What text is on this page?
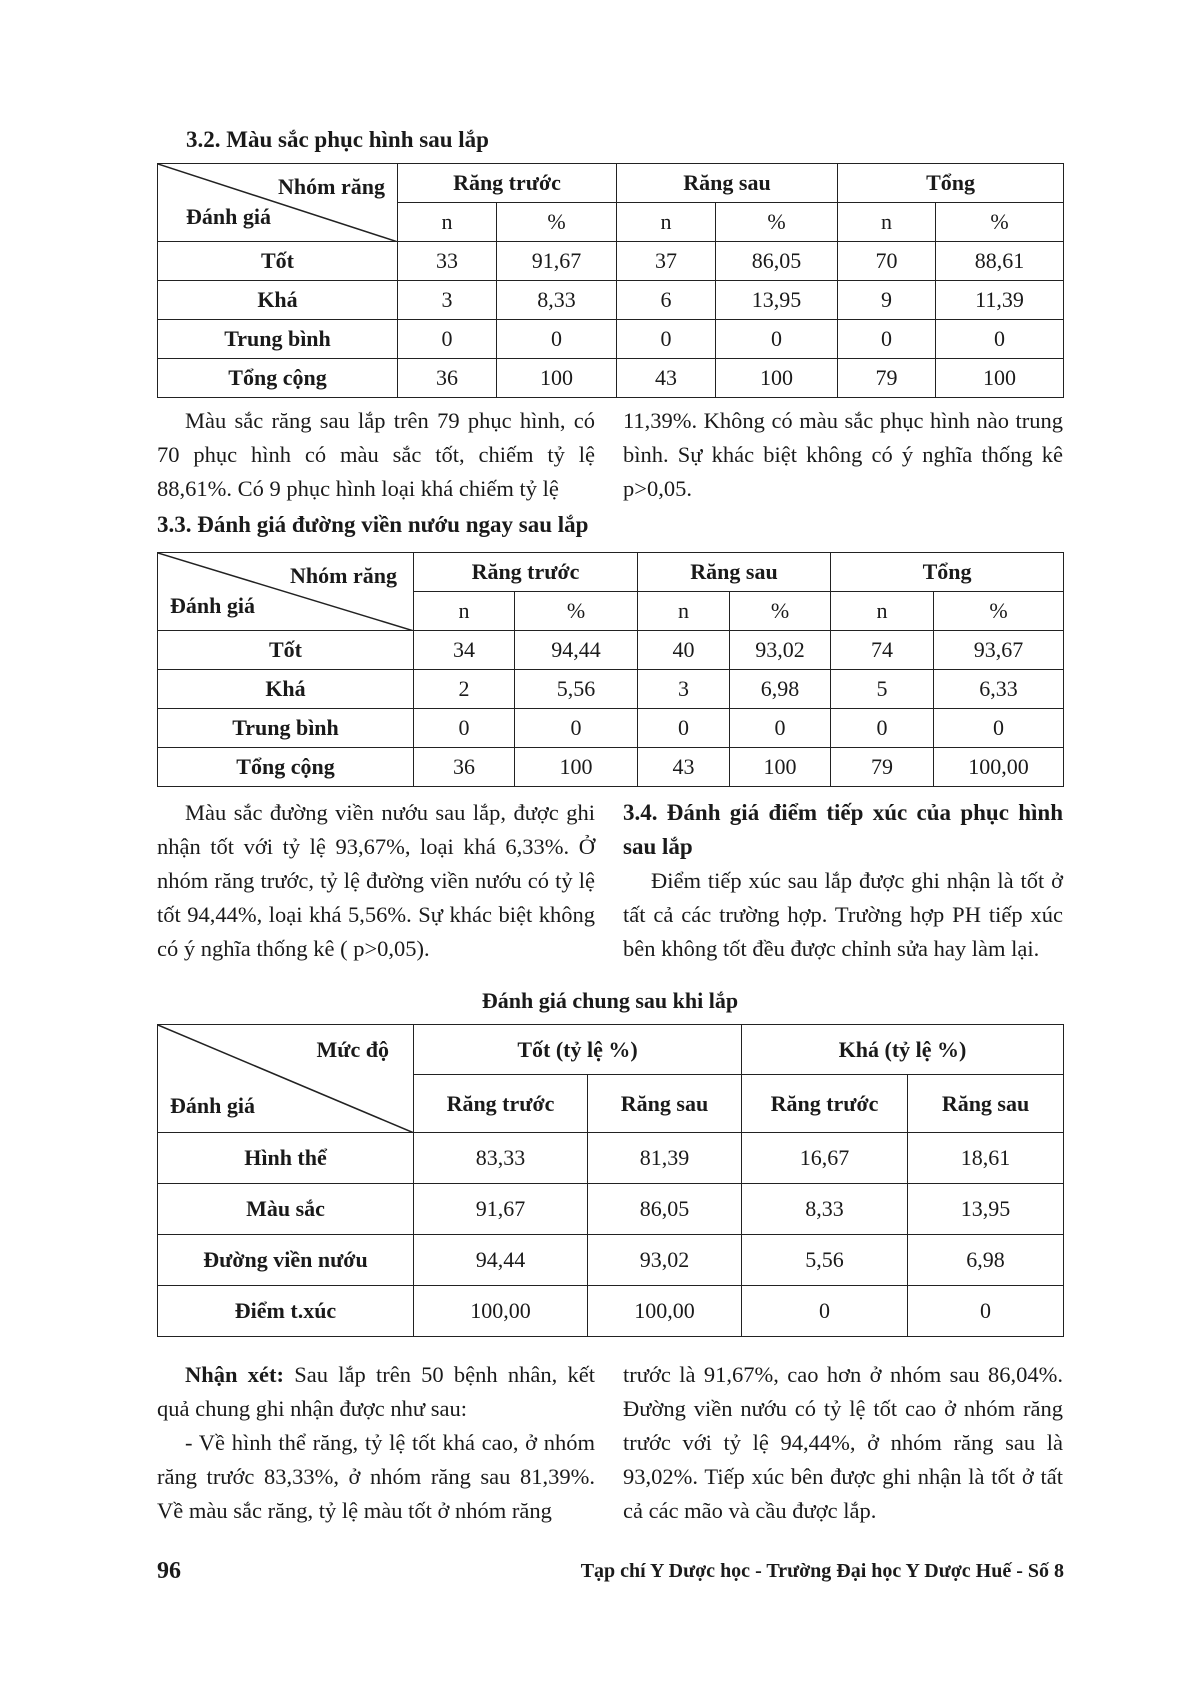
3.2. Màu sắc phục hình sau lắp
Nhóm răng
Đánh giá	Răng trước		Răng sau		Tổng	
	n	%	n	%	n	%
Tốt	33	91,67	37	86,05	70	88,61
Khá	3	8,33	6	13,95	9	11,39
Trung bình	0	0	0	0	0	0
Tổng cộng	36	100	43	100	79	100

Màu sắc răng sau lắp trên 79 phục hình, có 70 phục hình có màu sắc tốt, chiếm tỷ lệ 88,61%. Có 9 phục hình loại khá chiếm tỷ lệ

11,39%. Không có màu sắc phục hình nào trung bình. Sự khác biệt không có ý nghĩa thống kê p>0,05.

3.3. Đánh giá đường viền nướu ngay sau lắp
Nhóm răng
Đánh giá	Răng trước		Răng sau		Tổng	
	n	%	n	%	n	%
Tốt	34	94,44	40	93,02	74	93,67
Khá	2	5,56	3	6,98	5	6,33
Trung bình	0	0	0	0	0	0
Tổng cộng	36	100	43	100	79	100,00

Màu sắc đường viền nướu sau lắp, được ghi nhận tốt với tỷ lệ 93,67%, loại khá 6,33%. Ở nhóm răng trước, tỷ lệ đường viền nướu có tỷ lệ tốt 94,44%, loại khá 5,56%. Sự khác biệt không có ý nghĩa thống kê ( p>0,05).

3.4. Đánh giá điểm tiếp xúc của phục hình sau lắp

Điểm tiếp xúc sau lắp được ghi nhận là tốt ở tất cả các trường hợp. Trường hợp PH tiếp xúc bên không tốt đều được chỉnh sửa hay làm lại.

Đánh giá chung sau khi lắp
Mức độ
Đánh giá	Tốt (tỷ lệ %)		Khá (tỷ lệ %)	
	Răng trước	Răng sau	Răng trước	Răng sau
Hình thể	83,33	81,39	16,67	18,61
Màu sắc	91,67	86,05	8,33	13,95
Đường viền nướu	94,44	93,02	5,56	6,98
Điểm t.xúc	100,00	100,00	0	0

Nhận xét: Sau lắp trên 50 bệnh nhân, kết quả chung ghi nhận được như sau:

- Về hình thể răng, tỷ lệ tốt khá cao, ở nhóm răng trước 83,33%, ở nhóm răng sau 81,39%. Về màu sắc răng, tỷ lệ màu tốt ở nhóm răng

trước là 91,67%, cao hơn ở nhóm sau 86,04%. Đường viền nướu có tỷ lệ tốt cao ở nhóm răng trước với tỷ lệ 94,44%, ở nhóm răng sau là 93,02%. Tiếp xúc bên được ghi nhận là tốt ở tất cả các mão và cầu được lắp.

96	Tạp chí Y Dược học - Trường Đại học Y Dược Huế - Số 8
